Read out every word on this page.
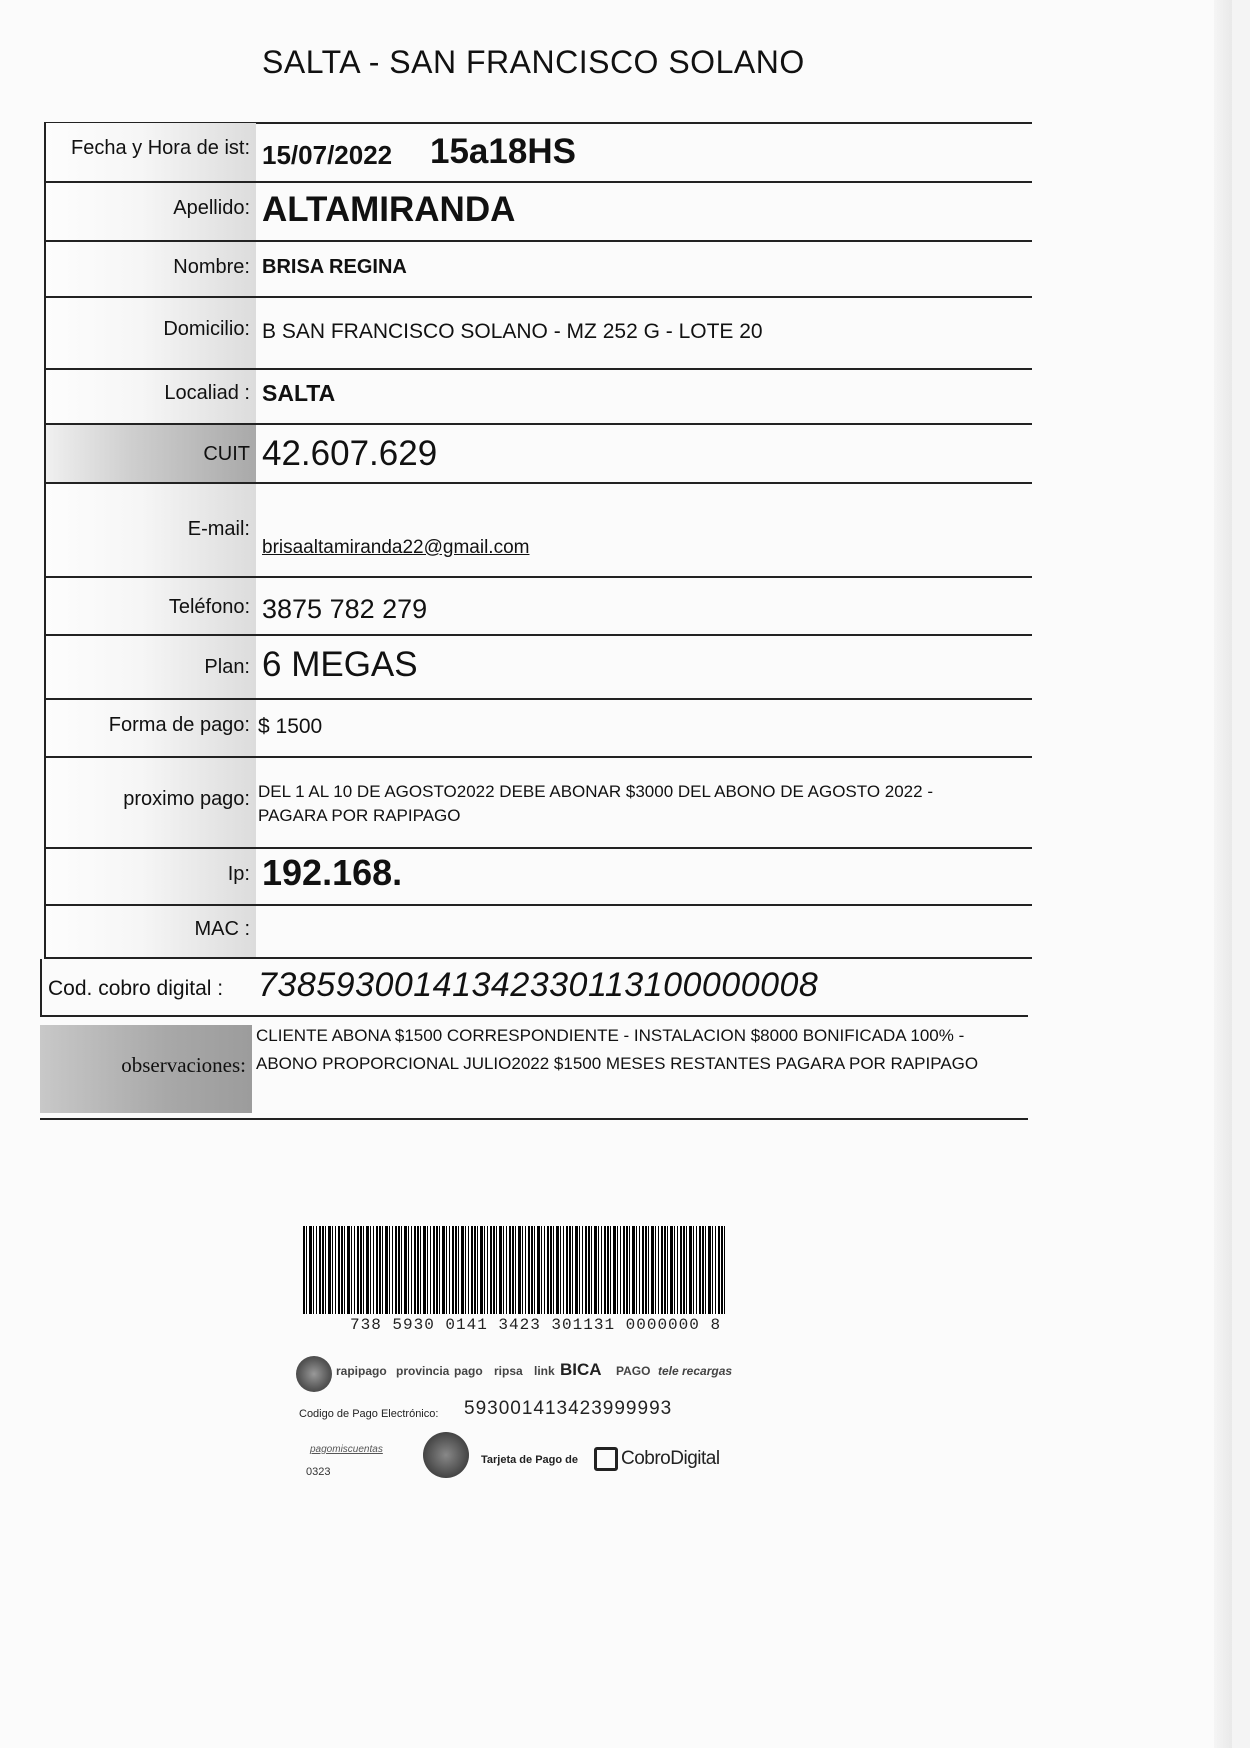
SALTA - SAN FRANCISCO SOLANO
Fecha y Hora de ist: 15/07/2022 15a18HS
Apellido: ALTAMIRANDA
Nombre: BRISA REGINA
Domicilio: B SAN FRANCISCO SOLANO - MZ 252 G - LOTE 20
Localiad : SALTA
CUIT 42.607.629
E-mail:
brisaaltamiranda22@gmail.com
Teléfono: 3875 782 279
Plan: 6 MEGAS
Forma de pago: $ 1500
proximo pago: DEL 1 AL 10 DE AGOSTO2022 DEBE ABONAR $3000 DEL ABONO DE AGOSTO 2022 -
PAGARA POR RAPIPAGO
Ip: 192.168.
MAC :
Cod. cobro digital : 73859300141342330113100000008
observaciones:
CLIENTE ABONA $1500 CORRESPONDIENTE - INSTALACION $8000 BONIFICADA 100% -
ABONO PROPORCIONAL JULIO2022 $1500 MESES RESTANTES PAGARA POR RAPIPAGO
738 5930 0141 3423 301131 0000000 8
rapipago provincia pago ripsa link BICA PAGO tele recargas
Codigo de Pago Electrónico: 593001413423999993
pagomiscuentas
0323
Tarjeta de Pago de	CobroDigital
